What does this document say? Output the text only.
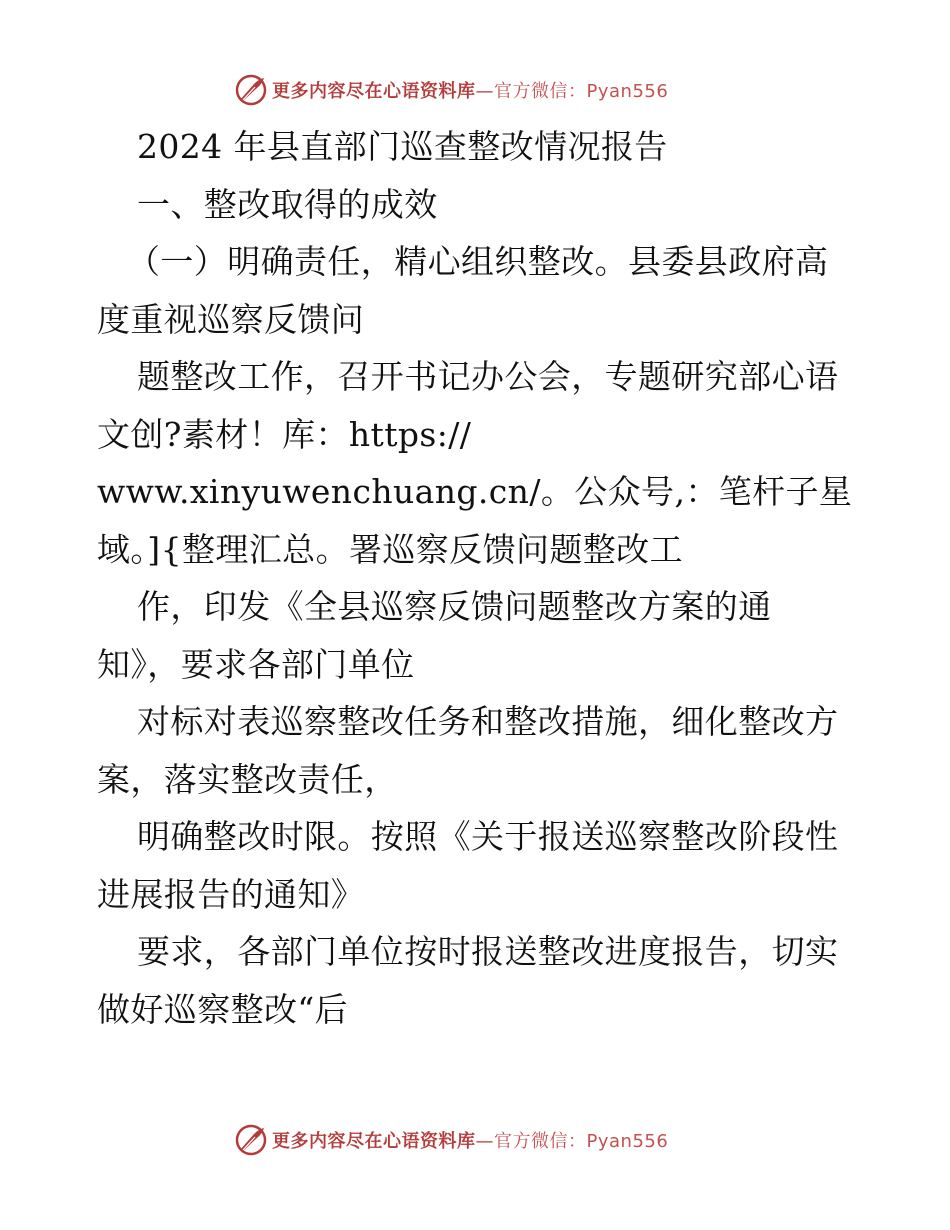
更多内容尽在心语资料库—官方微信：Pyan556
2024 年县直部门巡查整改情况报告
一、整改取得的成效
（一）明确责任，精心组织整改。县委县政府高
度重视巡察反馈问
题整改工作，召开书记办公会，专题研究部心语
文创?素材！库：https://
www.xinyuwenchuang.cn/。公众号,：笔杆子星
域。]{整理汇总。署巡察反馈问题整改工
作，印发《全县巡察反馈问题整改方案的通
知》，要求各部门单位
对标对表巡察整改任务和整改措施，细化整改方
案，落实整改责任，
明确整改时限。按照《关于报送巡察整改阶段性
进展报告的通知》
要求，各部门单位按时报送整改进度报告，切实
做好巡察整改“后
更多内容尽在心语资料库—官方微信：Pyan556
